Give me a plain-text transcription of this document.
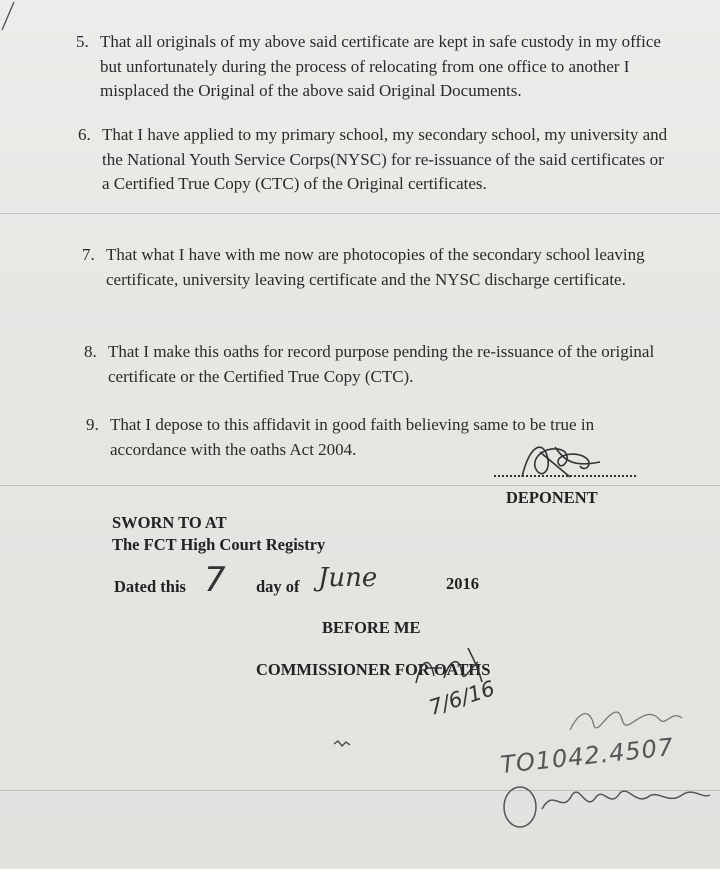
5. That all originals of my above said certificate are kept in safe custody in my office but unfortunately during the process of relocating from one office to another I misplaced the Original of the above said Original Documents.
6. That I have applied to my primary school, my secondary school, my university and the National Youth Service Corps(NYSC) for re-issuance of the said certificates or a Certified True Copy (CTC) of the Original certificates.
7. That what I have with me now are photocopies of the secondary school leaving certificate, university leaving certificate and the NYSC discharge certificate.
8. That I make this oaths for record purpose pending the re-issuance of the original certificate or the Certified True Copy (CTC).
9. That I depose to this affidavit in good faith believing same to be true in accordance with the oaths Act 2004.
DEPONENT
SWORN TO AT
The FCT High Court Registry
Dated this 7 day of June	2016
BEFORE ME
COMMISSIONER FOR OATHS
7/6/16
TO1042.4507
